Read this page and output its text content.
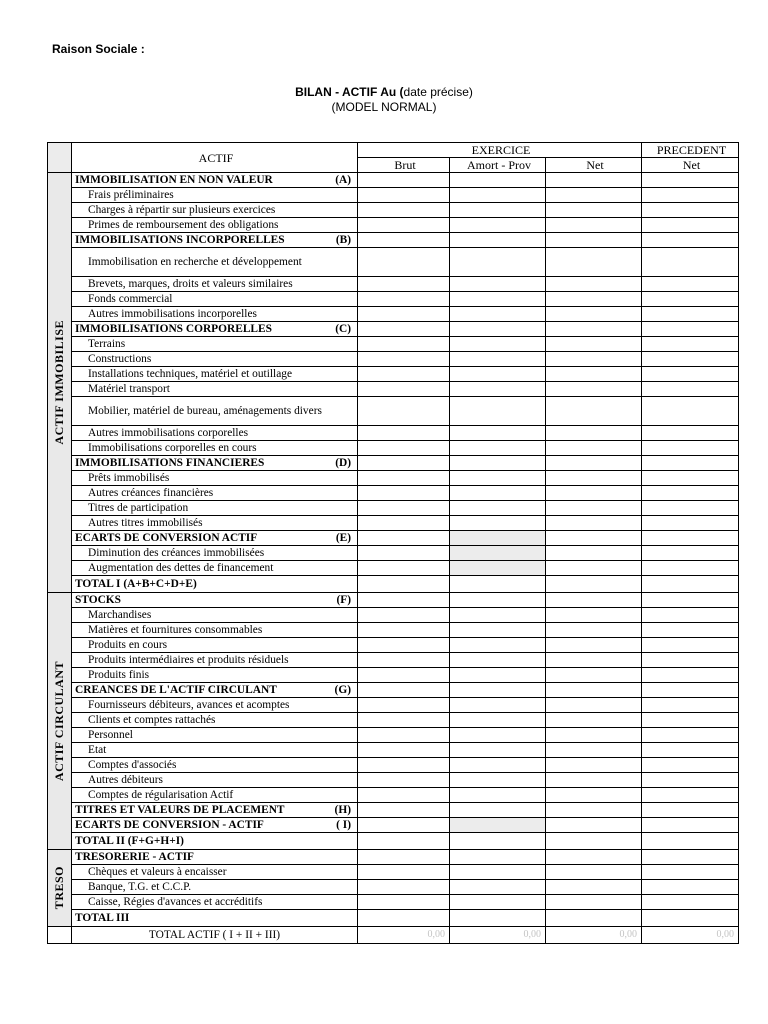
Raison Sociale :
BILAN - ACTIF Au (date précise)
(MODEL NORMAL)
	ACTIF	EXERCICE			PRECEDENT
		Brut	Amort - Prov	Net	Net

ACTIF IMMOBILISE	IMMOBILISATION EN NON VALEUR (A)				

	Frais préliminaires				
	Charges à répartir sur plusieurs exercices				
	Primes de remboursement des obligations				
	IMMOBILISATIONS INCORPORELLES (B)				

	Immobilisation en recherche et développement				
	Brevets, marques, droits et valeurs similaires				
	Fonds commercial				
	Autres immobilisations incorporelles				
	IMMOBILISATIONS CORPORELLES (C)				

	Terrains				
	Constructions				
	Installations techniques, matériel et outillage				
	Matériel transport				
	Mobilier, matériel de bureau, aménagements divers				
	Autres immobilisations corporelles				
	Immobilisations corporelles en cours				
	IMMOBILISATIONS FINANCIERES (D)				

	Prêts immobilisés				
	Autres créances financières				
	Titres de participation				
	Autres titres immobilisés				
	ECARTS DE CONVERSION ACTIF (E)				

	Diminution des créances immobilisées				
	Augmentation des dettes de financement				
	TOTAL I (A+B+C+D+E)				

ACTIF CIRCULANT	STOCKS (F)				

	Marchandises				
	Matières et fournitures consommables				
	Produits en cours				
	Produits intermédiaires et produits résiduels				
	Produits finis				
	CREANCES DE L'ACTIF CIRCULANT (G)				

	Fournisseurs débiteurs, avances et acomptes				
	Clients et comptes rattachés				
	Personnel				
	Etat				
	Comptes d'associés				
	Autres débiteurs				
	Comptes de régularisation Actif				
	TITRES ET VALEURS DE PLACEMENT (H)				

	ECARTS DE CONVERSION - ACTIF ( I)				

	TOTAL II (F+G+H+I)				

TRESO	TRESORERIE - ACTIF				
	Chèques et valeurs à encaisser				
	Banque, T.G. et C.C.P.				
	Caisse, Régies d'avances et accréditifs				
	TOTAL III				
	TOTAL ACTIF ( I + II + III)	0,00	0,00	0,00	0,00
